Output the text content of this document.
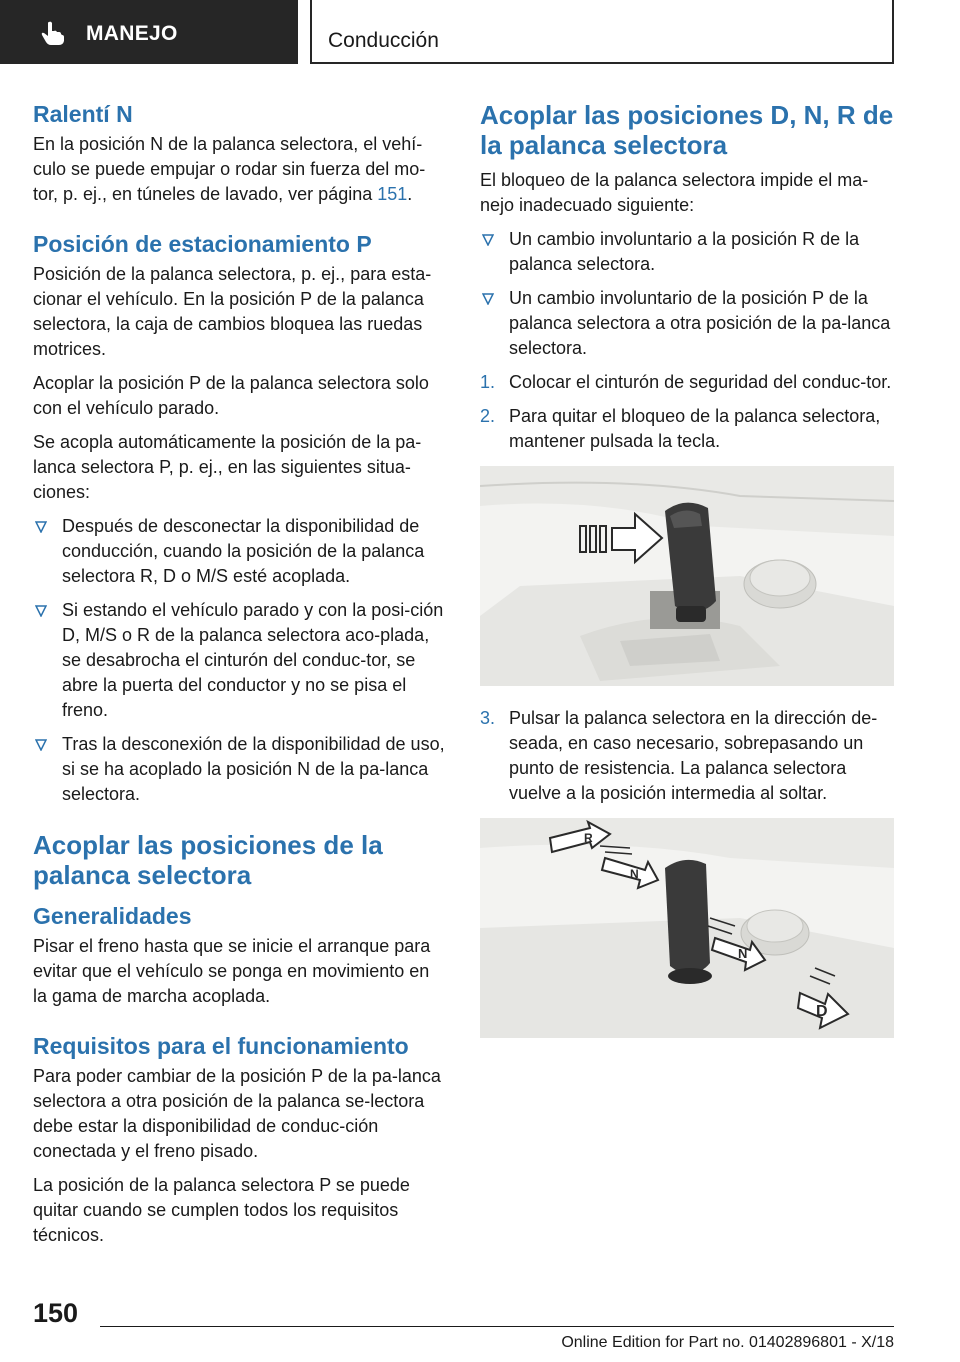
MANEJO	Conducción
Ralentí N
En la posición N de la palanca selectora, el vehí-culo se puede empujar o rodar sin fuerza del mo-tor, p. ej., en túneles de lavado, ver página 151.
Posición de estacionamiento P
Posición de la palanca selectora, p. ej., para esta-cionar el vehículo. En la posición P de la palanca selectora, la caja de cambios bloquea las ruedas motrices.
Acoplar la posición P de la palanca selectora solo con el vehículo parado.
Se acopla automáticamente la posición de la pa-lanca selectora P, p. ej., en las siguientes situa-ciones:
Después de desconectar la disponibilidad de conducción, cuando la posición de la palanca selectora R, D o M/S esté acoplada.
Si estando el vehículo parado y con la posi-ción D, M/S o R de la palanca selectora aco-plada, se desabrocha el cinturón del conduc-tor, se abre la puerta del conductor y no se pisa el freno.
Tras la desconexión de la disponibilidad de uso, si se ha acoplado la posición N de la pa-lanca selectora.
Acoplar las posiciones de la palanca selectora
Generalidades
Pisar el freno hasta que se inicie el arranque para evitar que el vehículo se ponga en movimiento en la gama de marcha acoplada.
Requisitos para el funcionamiento
Para poder cambiar de la posición P de la pa-lanca selectora a otra posición de la palanca se-lectora debe estar la disponibilidad de conduc-ción conectada y el freno pisado.
La posición de la palanca selectora P se puede quitar cuando se cumplen todos los requisitos técnicos.
Acoplar las posiciones D, N, R de la palanca selectora
El bloqueo de la palanca selectora impide el ma-nejo inadecuado siguiente:
Un cambio involuntario a la posición R de la palanca selectora.
Un cambio involuntario de la posición P de la palanca selectora a otra posición de la pa-lanca selectora.
1. Colocar el cinturón de seguridad del conduc-tor.
2. Para quitar el bloqueo de la palanca selectora, mantener pulsada la tecla.
3. Pulsar la palanca selectora en la dirección de-seada, en caso necesario, sobrepasando un punto de resistencia. La palanca selectora vuelve a la posición intermedia al soltar.
R
N
N
D
150
Online Edition for Part no. 01402896801 - X/18
